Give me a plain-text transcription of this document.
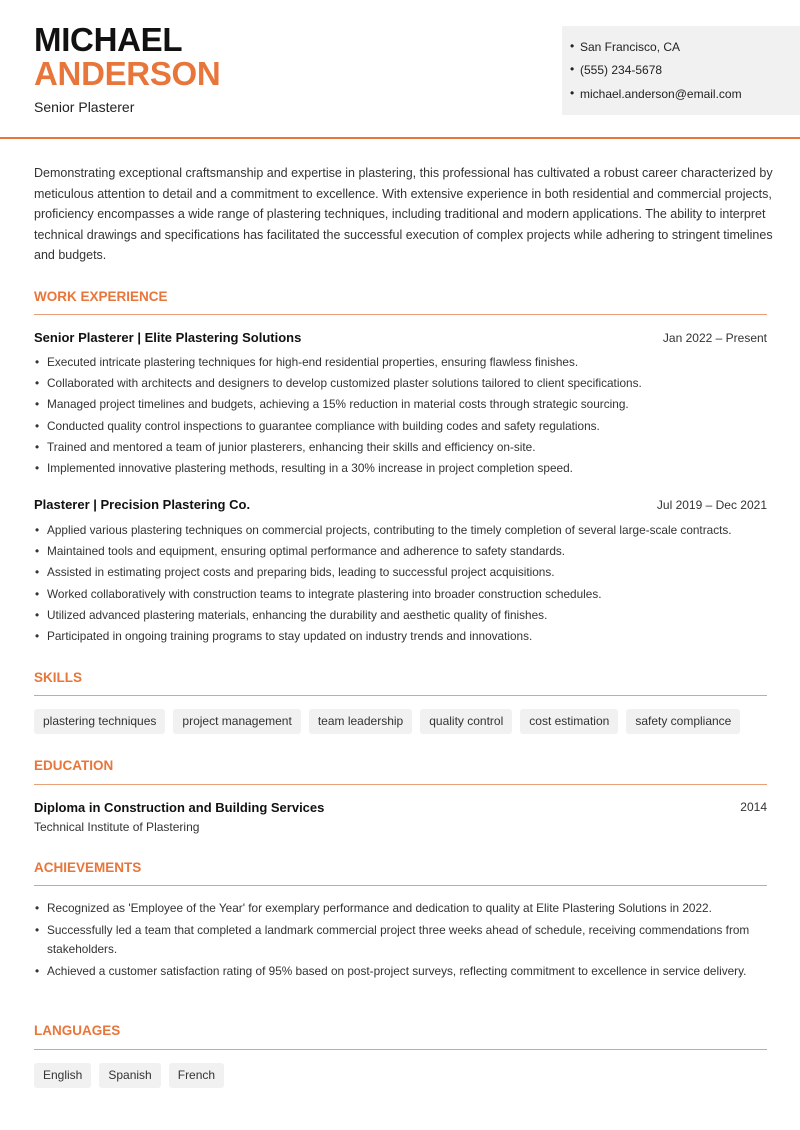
MICHAEL
ANDERSON
Senior Plasterer
• San Francisco, CA
• (555) 234-5678
• michael.anderson@email.com
Demonstrating exceptional craftsmanship and expertise in plastering, this professional has cultivated a robust career characterized by meticulous attention to detail and a commitment to excellence. With extensive experience in both residential and commercial projects, proficiency encompasses a wide range of plastering techniques, including traditional and modern applications. The ability to interpret technical drawings and specifications has facilitated the successful execution of complex projects while adhering to stringent timelines and budgets.
WORK EXPERIENCE
Senior Plasterer | Elite Plastering Solutions	Jan 2022 – Present
• Executed intricate plastering techniques for high-end residential properties, ensuring flawless finishes.
• Collaborated with architects and designers to develop customized plaster solutions tailored to client specifications.
• Managed project timelines and budgets, achieving a 15% reduction in material costs through strategic sourcing.
• Conducted quality control inspections to guarantee compliance with building codes and safety regulations.
• Trained and mentored a team of junior plasterers, enhancing their skills and efficiency on-site.
• Implemented innovative plastering methods, resulting in a 30% increase in project completion speed.
Plasterer | Precision Plastering Co.	Jul 2019 – Dec 2021
• Applied various plastering techniques on commercial projects, contributing to the timely completion of several large-scale contracts.
• Maintained tools and equipment, ensuring optimal performance and adherence to safety standards.
• Assisted in estimating project costs and preparing bids, leading to successful project acquisitions.
• Worked collaboratively with construction teams to integrate plastering into broader construction schedules.
• Utilized advanced plastering materials, enhancing the durability and aesthetic quality of finishes.
• Participated in ongoing training programs to stay updated on industry trends and innovations.
SKILLS
plastering techniques	project management	team leadership	quality control	cost estimation	safety compliance
EDUCATION
Diploma in Construction and Building Services	2014
Technical Institute of Plastering
ACHIEVEMENTS
• Recognized as 'Employee of the Year' for exemplary performance and dedication to quality at Elite Plastering Solutions in 2022.
• Successfully led a team that completed a landmark commercial project three weeks ahead of schedule, receiving commendations from stakeholders.
• Achieved a customer satisfaction rating of 95% based on post-project surveys, reflecting commitment to excellence in service delivery.
LANGUAGES
English	Spanish	French
